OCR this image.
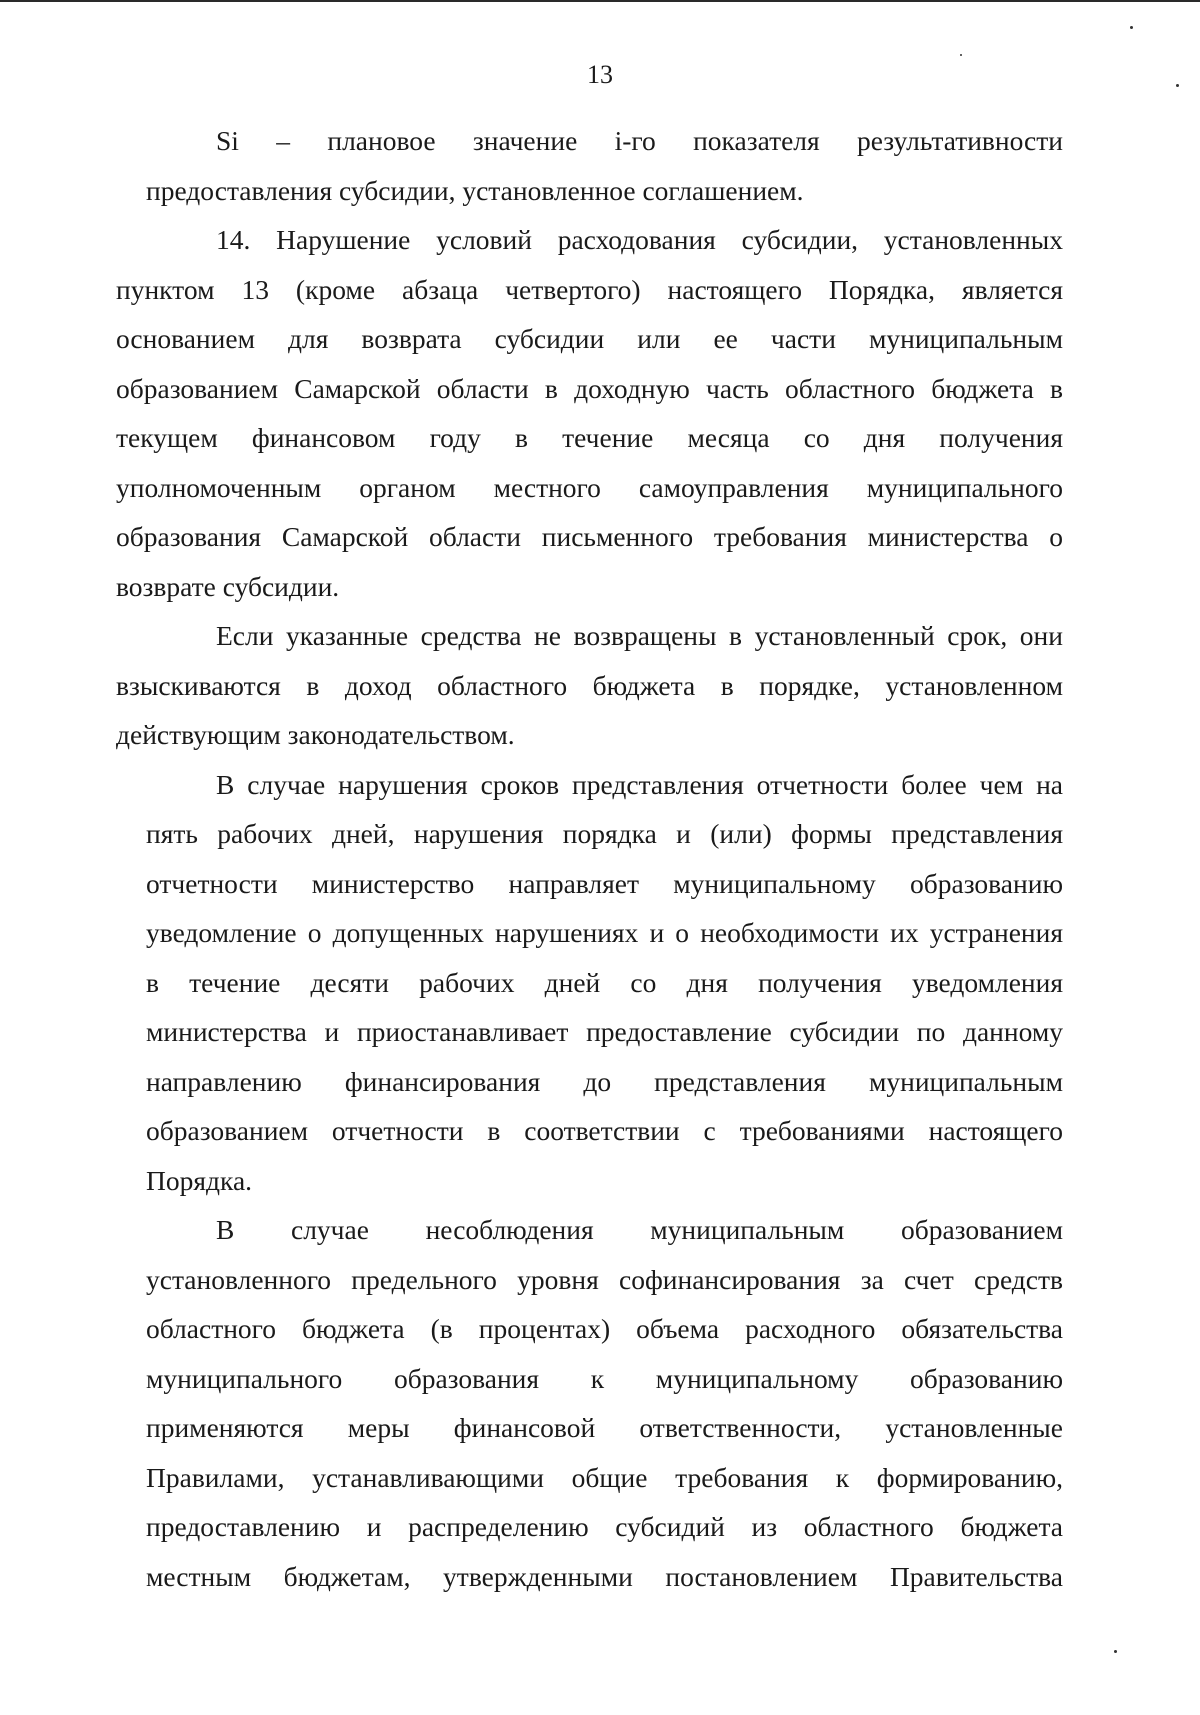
13
Si – плановое значение i-го показателя результативности
предоставления субсидии, установленное соглашением.
14. Нарушение условий расходования субсидии, установленных
пунктом 13 (кроме абзаца четвертого) настоящего Порядка, является
основанием для возврата субсидии или ее части муниципальным
образованием Самарской области в доходную часть областного бюджета в
текущем финансовом году в течение месяца со дня получения
уполномоченным органом местного самоуправления муниципального
образования Самарской области письменного требования министерства о
возврате субсидии.
Если указанные средства не возвращены в установленный срок, они
взыскиваются в доход областного бюджета в порядке, установленном
действующим законодательством.
В случае нарушения сроков представления отчетности более чем на
пять рабочих дней, нарушения порядка и (или) формы представления
отчетности министерство направляет муниципальному образованию
уведомление о допущенных нарушениях и о необходимости их устранения
в течение десяти рабочих дней со дня получения уведомления
министерства и приостанавливает предоставление субсидии по данному
направлению финансирования до представления муниципальным
образованием отчетности в соответствии с требованиями настоящего
Порядка.
В случае несоблюдения муниципальным образованием
установленного предельного уровня софинансирования за счет средств
областного бюджета (в процентах) объема расходного обязательства
муниципального образования к муниципальному образованию
применяются меры финансовой ответственности, установленные
Правилами, устанавливающими общие требования к формированию,
предоставлению и распределению субсидий из областного бюджета
местным бюджетам, утвержденными постановлением Правительства
